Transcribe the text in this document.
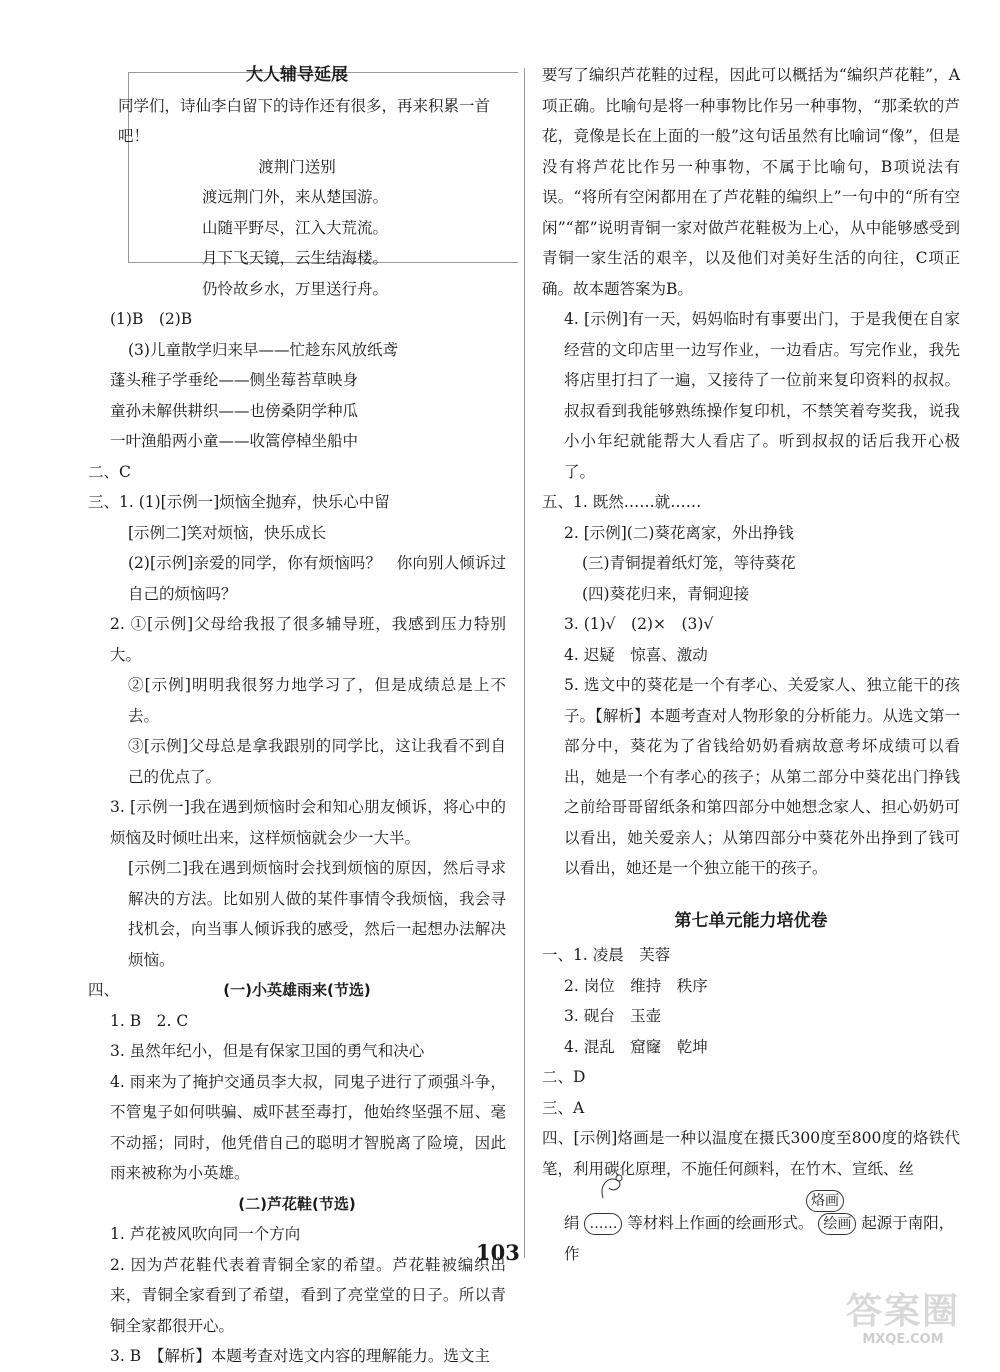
大人辅导延展

同学们，诗仙李白留下的诗作还有很多，再来积累一首吧！

渡荆门送别

渡远荆门外，来从楚国游。

山随平野尽，江入大荒流。

月下飞天镜，云生结海楼。

仍怜故乡水，万里送行舟。

(1)B　(2)B

(3)儿童散学归来早——忙趁东风放纸鸢

蓬头稚子学垂纶——侧坐莓苔草映身

童孙未解供耕织——也傍桑阴学种瓜

一叶渔船两小童——收篙停棹坐船中

二、C

三、1. (1)[示例一]烦恼全抛弃，快乐心中留

[示例二]笑对烦恼，快乐成长

(2)[示例]亲爱的同学，你有烦恼吗？　你向别人倾诉过自己的烦恼吗？

2. ①[示例]父母给我报了很多辅导班，我感到压力特别大。

②[示例]明明我很努力地学习了，但是成绩总是上不去。

③[示例]父母总是拿我跟别的同学比，这让我看不到自己的优点了。

3. [示例一]我在遇到烦恼时会和知心朋友倾诉，将心中的烦恼及时倾吐出来，这样烦恼就会少一大半。

[示例二]我在遇到烦恼时会找到烦恼的原因，然后寻求解决的方法。比如别人做的某件事情令我烦恼，我会寻找机会，向当事人倾诉我的感受，然后一起想办法解决烦恼。

四、	(一)小英雄雨来(节选)

1. B　2. C

3. 虽然年纪小，但是有保家卫国的勇气和决心

4. 雨来为了掩护交通员李大叔，同鬼子进行了顽强斗争，不管鬼子如何哄骗、威吓甚至毒打，他始终坚强不屈、毫不动摇；同时，他凭借自己的聪明才智脱离了险境，因此雨来被称为小英雄。

(二)芦花鞋(节选)

1. 芦花被风吹向同一个方向

2. 因为芦花鞋代表着青铜全家的希望。芦花鞋被编织出来，青铜全家看到了希望，看到了亮堂堂的日子。所以青铜全家都很开心。

3. B　【解析】本题考查对选文内容的理解能力。选文主

要写了编织芦花鞋的过程，因此可以概括为“编织芦花鞋”，A项正确。比喻句是将一种事物比作另一种事物，“那柔软的芦花，竟像是长在上面的一般”这句话虽然有比喻词“像”，但是没有将芦花比作另一种事物，不属于比喻句，B项说法有误。“将所有空闲都用在了芦花鞋的编织上”一句中的“所有空闲”“都”说明青铜一家对做芦花鞋极为上心，从中能够感受到青铜一家生活的艰辛，以及他们对美好生活的向往，C项正确。故本题答案为B。

4. [示例]有一天，妈妈临时有事要出门，于是我便在自家经营的文印店里一边写作业，一边看店。写完作业，我先将店里打扫了一遍，又接待了一位前来复印资料的叔叔。叔叔看到我能够熟练操作复印机，不禁笑着夸奖我，说我小小年纪就能帮大人看店了。听到叔叔的话后我开心极了。

五、1. 既然……就……

2. [示例](二)葵花离家，外出挣钱

(三)青铜提着纸灯笼，等待葵花

(四)葵花归来，青铜迎接

3. (1)√　(2)×　(3)√

4. 迟疑　惊喜、激动

5. 选文中的葵花是一个有孝心、关爱家人、独立能干的孩子。【解析】本题考查对人物形象的分析能力。从选文第一部分中，葵花为了省钱给奶奶看病故意考坏成绩可以看出，她是一个有孝心的孩子；从第二部分中葵花出门挣钱之前给哥哥留纸条和第四部分中她想念家人、担心奶奶可以看出，她关爱亲人；从第四部分中葵花外出挣到了钱可以看出，她还是一个独立能干的孩子。

第七单元能力培优卷

一、1. 凌晨　芙蓉

2. 岗位　维持　秩序

3. 砚台　玉壶

4. 混乱　窟窿　乾坤

二、D

三、A

四、[示例]烙画是一种以温度在摄氏300度至800度的烙铁代笔，利用碳化原理，不施任何颜料，在竹木、宣纸、丝

绢 …… 等材料上作画的绘画形式。 绘画 起源于南阳，作

烙画
103
答案圈
MXQE.COM
